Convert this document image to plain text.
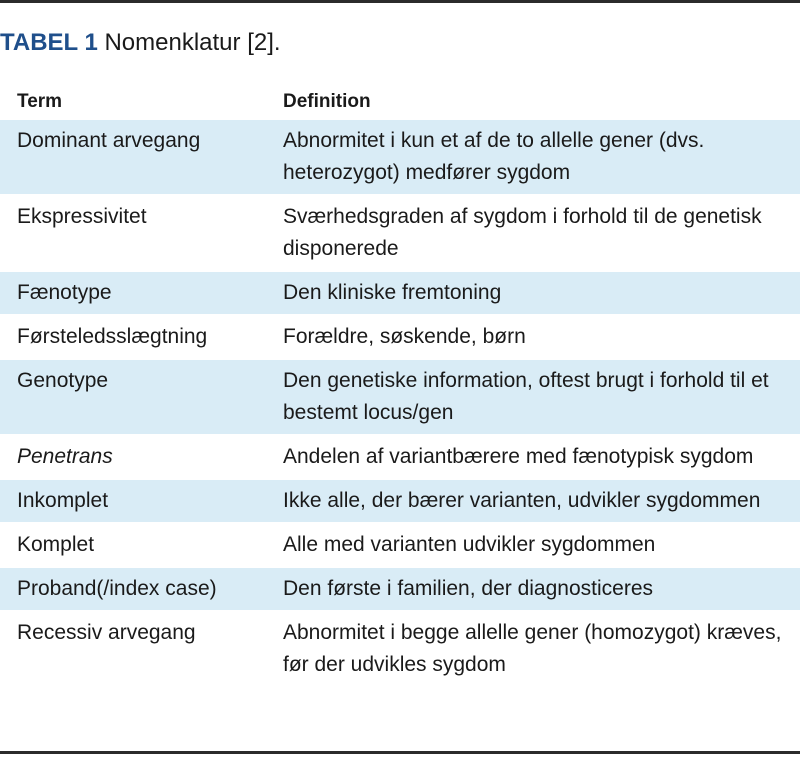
TABEL 1 Nomenklatur [2].
Term	Definition
Dominant arvegang	Abnormitet i kun et af de to allelle gener (dvs. heterozygot) medfører sygdom
Ekspressivitet	Sværhedsgraden af sygdom i forhold til de genetisk disponerede
Fænotype	Den kliniske fremtoning
Førsteledsslægtning	Forældre, søskende, børn
Genotype	Den genetiske information, oftest brugt i forhold til et bestemt locus/gen
Penetrans	Andelen af variantbærere med fænotypisk sygdom
Inkomplet	Ikke alle, der bærer varianten, udvikler sygdommen
Komplet	Alle med varianten udvikler sygdommen
Proband(/index case)	Den første i familien, der diagnosticeres
Recessiv arvegang	Abnormitet i begge allelle gener (homozygot) kræves, før der udvikles sygdom
